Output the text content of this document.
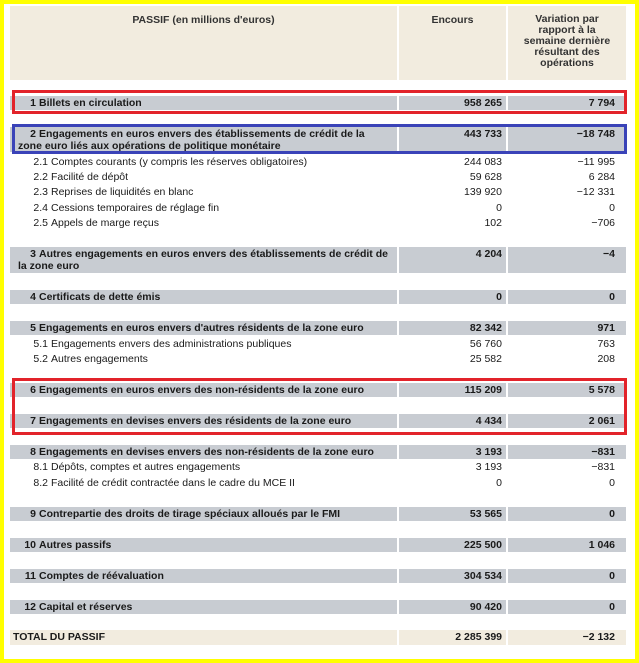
PASSIF (en millions d'euros)	Encours	Variation par
rapport à la
semaine dernière
résultant des
opérations
1 Billets en circulation	958 265	7 794
2 Engagements en euros envers des établissements de crédit de la
zone euro liés aux opérations de politique monétaire
443 733	−18 748
2.1 Comptes courants (y compris les réserves obligatoires)	244 083	−11 995
2.2 Facilité de dépôt	59 628	6 284
2.3 Reprises de liquidités en blanc	139 920	−12 331
2.4 Cessions temporaires de réglage fin	0	0
2.5 Appels de marge reçus	102	−706
3 Autres engagements en euros envers des établissements de crédit de
la zone euro
4 204	−4
4 Certificats de dette émis	0	0
5 Engagements en euros envers d'autres résidents de la zone euro	82 342	971
5.1 Engagements envers des administrations publiques	56 760	763
5.2 Autres engagements	25 582	208
6 Engagements en euros envers des non-résidents de la zone euro	115 209	5 578
7 Engagements en devises envers des résidents de la zone euro	4 434	2 061
8 Engagements en devises envers des non-résidents de la zone euro	3 193	−831
8.1 Dépôts, comptes et autres engagements	3 193	−831
8.2 Facilité de crédit contractée dans le cadre du MCE II	0	0
9 Contrepartie des droits de tirage spéciaux alloués par le FMI	53 565	0
10 Autres passifs	225 500	1 046
11 Comptes de réévaluation	304 534	0
12 Capital et réserves	90 420	0
TOTAL DU PASSIF	2 285 399	−2 132
